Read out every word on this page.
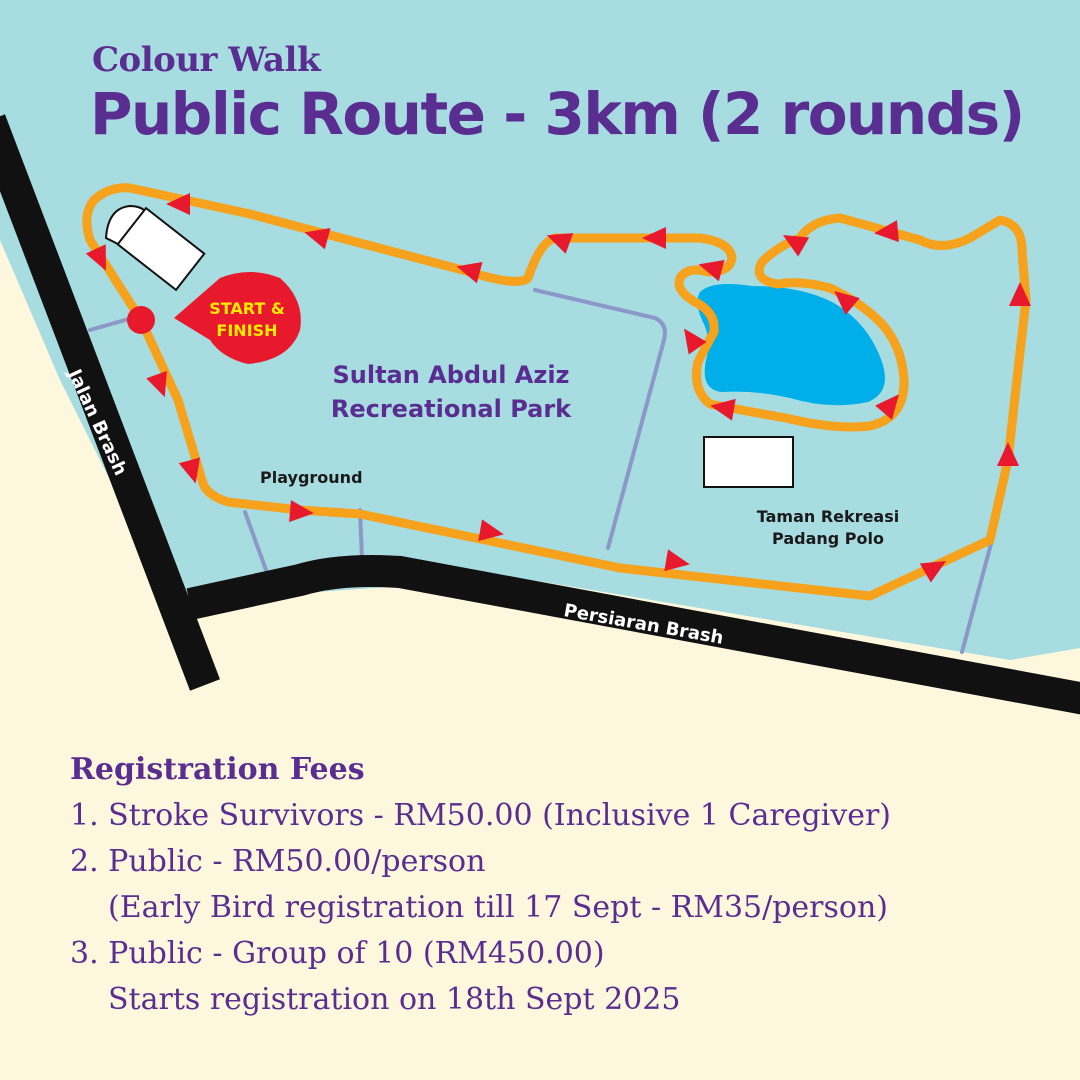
Colour Walk
Public Route - 3km (2 rounds)
Sultan Abdul Aziz
Recreational Park
Playground
Taman Rekreasi
Padang Polo
Jalan Brash
Persiaran Brash
START &
FINISH
Registration Fees
1. Stroke Survivors - RM50.00 (Inclusive 1 Caregiver)
2. Public - RM50.00/person
(Early Bird registration till 17 Sept - RM35/person)
3. Public - Group of 10 (RM450.00)
Starts registration on 18th Sept 2025
